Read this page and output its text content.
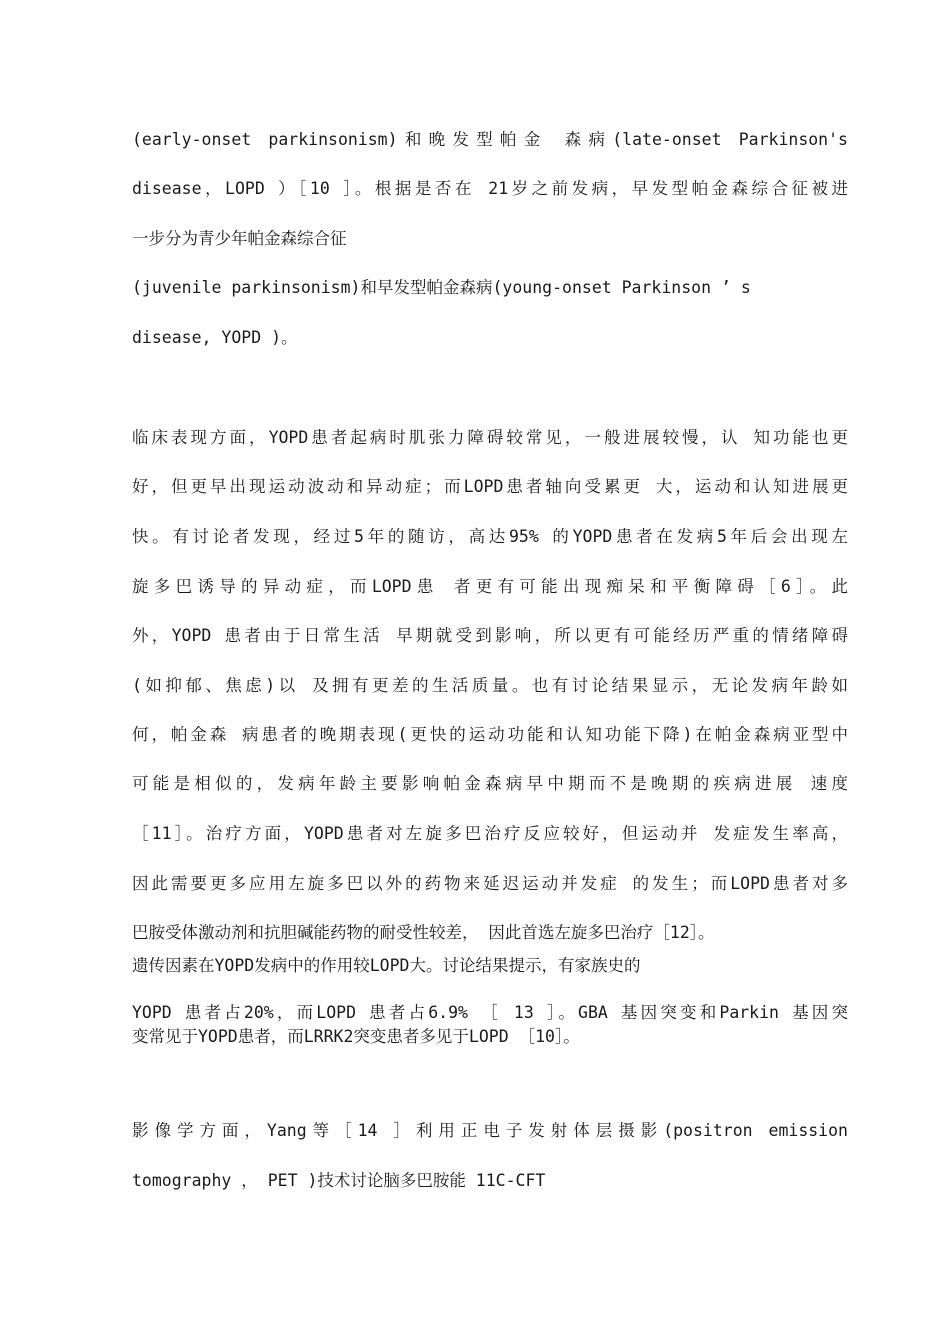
(early-onset parkinsonism)和晚发型帕金 森病(late-onset Parkinson's
disease，LOPD ）［10 ］。根据是否在 21岁之前发病，早发型帕金森综合征被进
一步分为青少年帕金森综合征
(juvenile parkinsonism)和早发型帕金森病(young-onset Parkinson ’ s
disease, YOPD )。
临床表现方面，YOPD患者起病时肌张力障碍较常见，一般进展较慢，认 知功能也更
好，但更早出现运动波动和异动症；而LOPD患者轴向受累更 大，运动和认知进展更
快。有讨论者发现，经过5年的随访，高达95% 的YOPD患者在发病5年后会出现左
旋多巴诱导的异动症，而LOPD患 者更有可能出现痴呆和平衡障碍［6］。此
外，YOPD 患者由于日常生活 早期就受到影响，所以更有可能经历严重的情绪障碍
(如抑郁、焦虑)以 及拥有更差的生活质量。也有讨论结果显示，无论发病年龄如
何，帕金森 病患者的晚期表现(更快的运动功能和认知功能下降)在帕金森病亚型中
可能是相似的，发病年龄主要影响帕金森病早中期而不是晚期的疾病进展 速度
［11］。治疗方面，YOPD患者对左旋多巴治疗反应较好，但运动并 发症发生率高，
因此需要更多应用左旋多巴以外的药物来延迟运动并发症 的发生；而LOPD患者对多
巴胺受体激动剂和抗胆碱能药物的耐受性较差， 因此首选左旋多巴治疗［12］。
遗传因素在YOPD发病中的作用较LOPD大。讨论结果提示，有家族史的
YOPD 患者占20%，而LOPD 患者占6.9% ［ 13 ］。GBA 基因突变和Parkin 基因突
变常见于YOPD患者，而LRRK2突变患者多见于LOPD ［10］。
影像学方面，Yang等［14 ］利用正电子发射体层摄影(positron emission
tomography ， PET )技术讨论脑多巴胺能 11C-CFT
